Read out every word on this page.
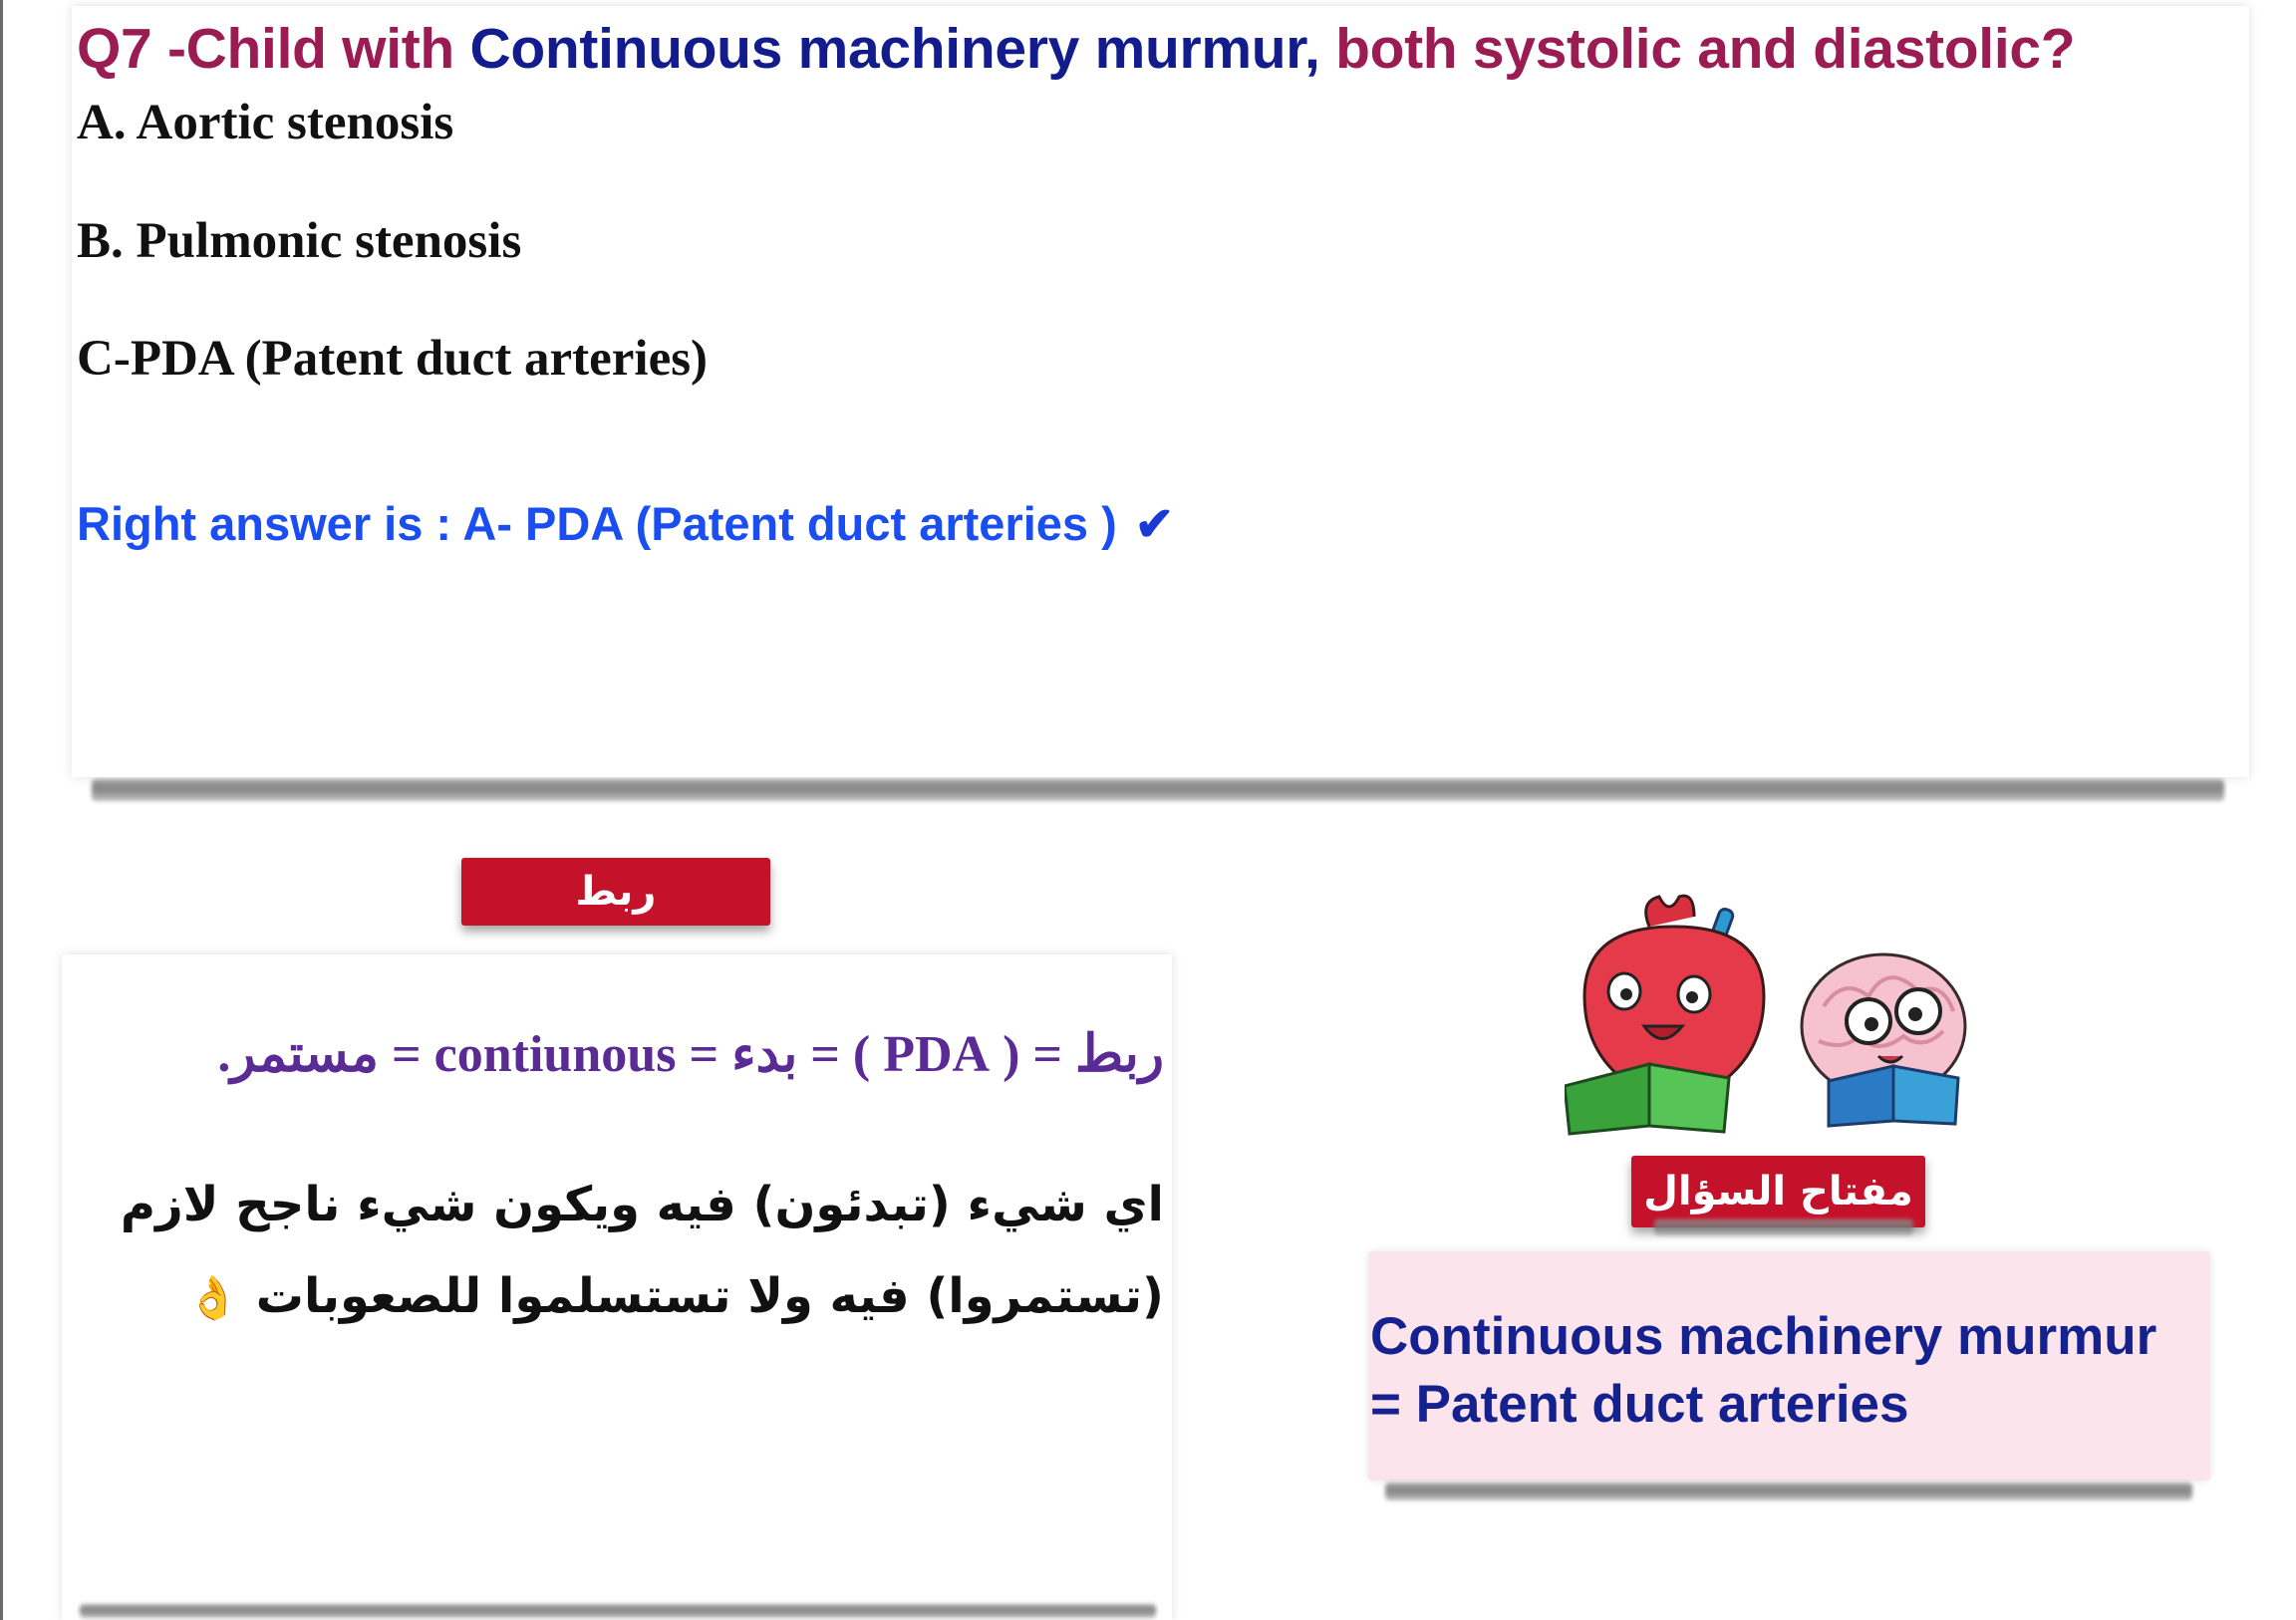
Q7 -Child with Continuous machinery murmur, both systolic and diastolic?
A. Aortic stenosis
B. Pulmonic stenosis
C-PDA (Patent duct arteries)
Right answer is : A- PDA (Patent duct arteries ) ✔
ربط
ربط = ( PDA ) = بدء = contiunous = مستمر.
اي شيء (تبدئون) فيه ويكون شيء ناجح لازم
(تستمروا) فيه ولا تستسلموا للصعوبات 👌
مفتاح السؤال
Continuous machinery murmur
= Patent duct arteries
